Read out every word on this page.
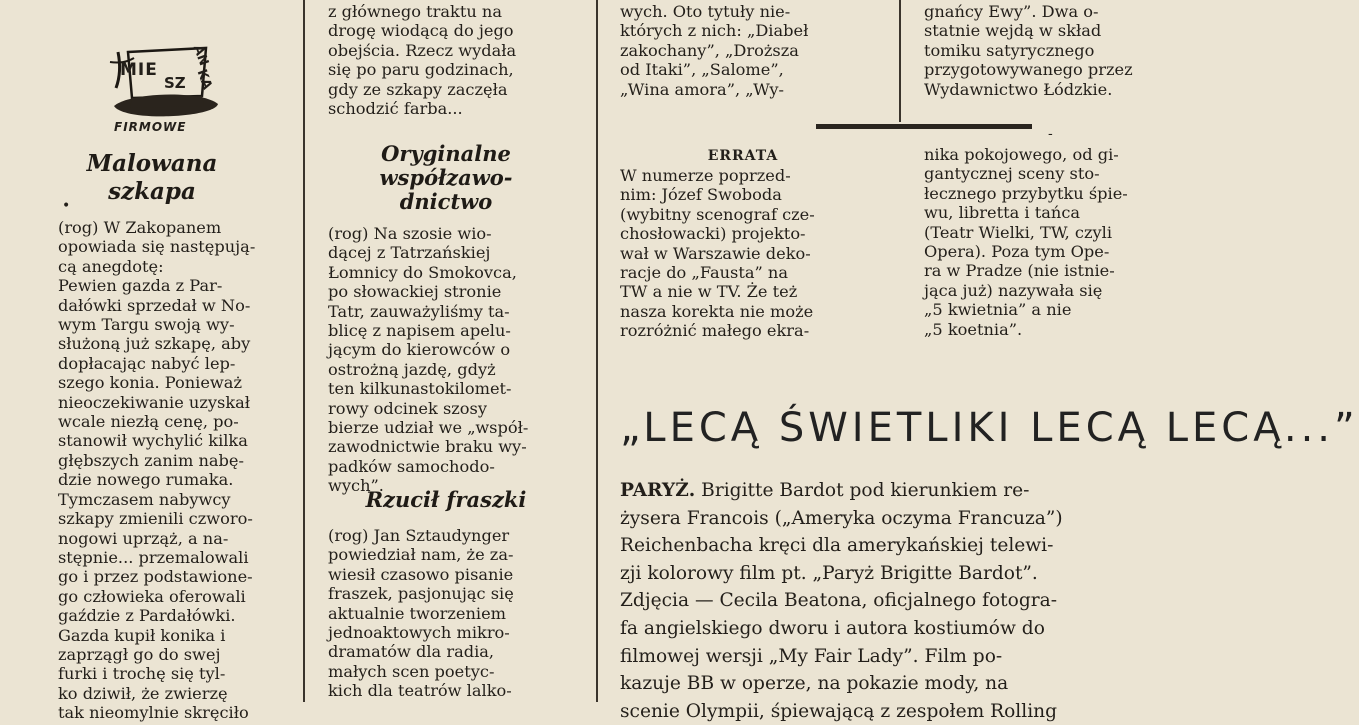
MIE
SZ
AN
KA
FIRMOWE

Malowana
szkapa

•

(rog) W Zakopanem
opowiada się następują-
cą anegdotę:
Pewien gazda z Par-
dałówki sprzedał w No-
wym Targu swoją wy-
służoną już szkapę, aby
dopłacając nabyć lep-
szego konia. Ponieważ
nieoczekiwanie uzyskał
wcale niezłą cenę, po-
stanowił wychylić kilka
głębszych zanim nabę-
dzie nowego rumaka.
Tymczasem nabywcy
szkapy zmienili czworo-
nogowi uprząż, a na-
stępnie... przemalowali
go i przez podstawione-
go człowieka oferowali
gaździe z Pardałówki.
Gazda kupił konika i
zaprzągł go do swej
furki i trochę się tyl-
ko dziwił, że zwierzę
tak nieomylnie skręciło

z głównego traktu na
drogę wiodącą do jego
obejścia. Rzecz wydała
się po paru godzinach,
gdy ze szkapy zaczęła
schodzić farba...

Oryginalne
współzawo-
dnictwo

(rog) Na szosie wio-
dącej z Tatrzańskiej
Łomnicy do Smokovca,
po słowackiej stronie
Tatr, zauważyliśmy ta-
blicę z napisem apelu-
jącym do kierowców o
ostrożną jazdę, gdyż
ten kilkunastokilomet-
rowy odcinek szosy
bierze udział we „współ-
zawodnictwie braku wy-
padków samochodo-
wych”.

Rzucił fraszki

(rog) Jan Sztaudynger
powiedział nam, że za-
wiesił czasowo pisanie
fraszek, pasjonując się
aktualnie tworzeniem
jednoaktowych mikro-
dramatów dla radia,
małych scen poetyc-
kich dla teatrów lalko-

wych. Oto tytuły nie-
których z nich: „Diabeł
zakochany”, „Droższa
od Itaki”, „Salome”,
„Wina amora”, „Wy-

ERRATA

W numerze poprzed-
nim: Józef Swoboda
(wybitny scenograf cze-
chosłowacki) projekto-
wał w Warszawie deko-
racje do „Fausta” na
TW a nie w TV. Że też
nasza korekta nie może
rozróżnić małego ekra-

gnańcy Ewy”. Dwa o-
statnie wejdą w skład
tomiku satyrycznego
przygotowywanego przez
Wydawnictwo Łódzkie.

-

nika pokojowego, od gi-
gantycznej sceny sto-
łecznego przybytku śpie-
wu, libretta i tańca
(Teatr Wielki, TW, czyli
Opera). Poza tym Ope-
ra w Pradze (nie istnie-
jąca już) nazywała się
„5 kwietnia” a nie
„5 koetnia”.

„LECĄ ŚWIETLIKI LECĄ LECĄ...”

PARYŻ. Brigitte Bardot pod kierunkiem re-
żysera Francois („Ameryka oczyma Francuza”)
Reichenbacha kręci dla amerykańskiej telewi-
zji kolorowy film pt. „Paryż Brigitte Bardot”.
Zdjęcia — Cecila Beatona, oficjalnego fotogra-
fa angielskiego dworu i autora kostiumów do
filmowej wersji „My Fair Lady”. Film po-
kazuje BB w operze, na pokazie mody, na
scenie Olympii, śpiewającą z zespołem Rolling
